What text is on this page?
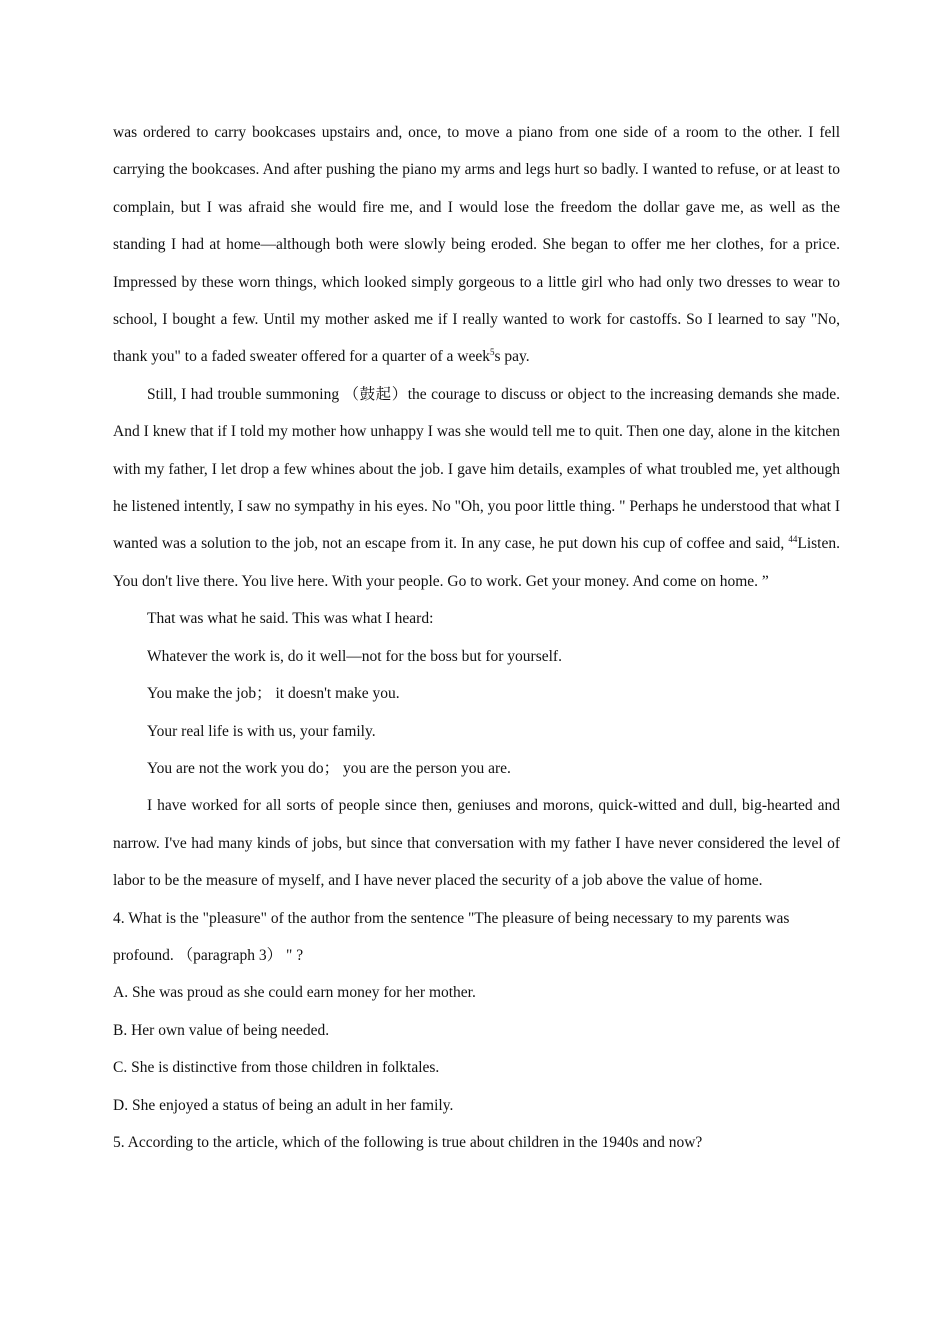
was ordered to carry bookcases upstairs and, once, to move a piano from one side of a room to the other. I fell carrying the bookcases. And after pushing the piano my arms and legs hurt so badly. I wanted to refuse, or at least to complain, but I was afraid she would fire me, and I would lose the freedom the dollar gave me, as well as the standing I had at home—although both were slowly being eroded. She began to offer me her clothes, for a price. Impressed by these worn things, which looked simply gorgeous to a little girl who had only two dresses to wear to school, I bought a few. Until my mother asked me if I really wanted to work for castoffs. So I learned to say "No, thank you" to a faded sweater offered for a quarter of a week$^5$s pay.

Still, I had trouble summoning （鼓起）the courage to discuss or object to the increasing demands she made. And I knew that if I told my mother how unhappy I was she would tell me to quit. Then one day, alone in the kitchen with my father, I let drop a few whines about the job. I gave him details, examples of what troubled me, yet although he listened intently, I saw no sympathy in his eyes. No "Oh, you poor little thing. " Perhaps he understood that what I wanted was a solution to the job, not an escape from it. In any case, he put down his cup of coffee and said, $^{44}$Listen. You don't live there. You live here. With your people. Go to work. Get your money. And come on home. ”

That was what he said. This was what I heard:

Whatever the work is, do it well—not for the boss but for yourself.

You make the job； it doesn't make you.

Your real life is with us, your family.

You are not the work you do； you are the person you are.

I have worked for all sorts of people since then, geniuses and morons, quick-witted and dull, big-hearted and narrow. I've had many kinds of jobs, but since that conversation with my father I have never considered the level of labor to be the measure of myself, and I have never placed the security of a job above the value of home.

4. What is the "pleasure" of the author from the sentence "The pleasure of being necessary to my parents was profound. （paragraph 3） " ?

A. She was proud as she could earn money for her mother.

B. Her own value of being needed.

C. She is distinctive from those children in folktales.

D. She enjoyed a status of being an adult in her family.

5. According to the article, which of the following is true about children in the 1940s and now?
